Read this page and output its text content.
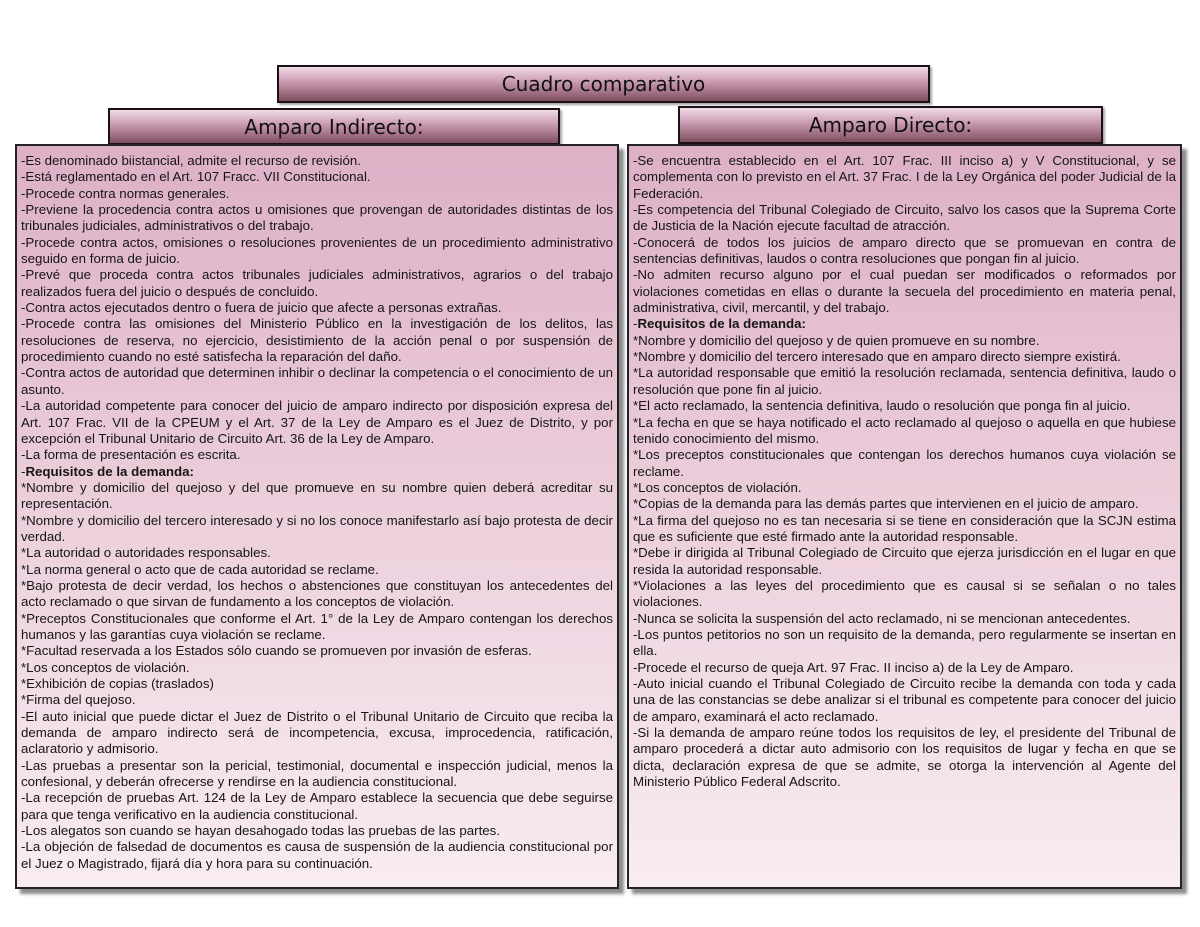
Cuadro comparativo
Amparo Indirecto:	Amparo Directo:
-Es denominado biistancial, admite el recurso de revisión.
-Está reglamentado en el Art. 107 Fracc. VII Constitucional.
-Procede contra normas generales.
-Previene la procedencia contra actos u omisiones que provengan de autoridades distintas de los tribunales judiciales, administrativos o del trabajo.
-Procede contra actos, omisiones o resoluciones provenientes de un procedimiento administrativo seguido en forma de juicio.
-Prevé que proceda contra actos tribunales judiciales administrativos, agrarios o del trabajo realizados fuera del juicio o después de concluido.
-Contra actos ejecutados dentro o fuera de juicio que afecte a personas extrañas.
-Procede contra las omisiones del Ministerio Público en la investigación de los delitos, las resoluciones de reserva, no ejercicio, desistimiento de la acción penal o por suspensión de procedimiento cuando no esté satisfecha la reparación del daño.
-Contra actos de autoridad que determinen inhibir o declinar la competencia o el conocimiento de un asunto.
-La autoridad competente para conocer del juicio de amparo indirecto por disposición expresa del Art. 107 Frac. VII de la CPEUM y el Art. 37 de la Ley de Amparo es el Juez de Distrito, y por excepción el Tribunal Unitario de Circuito Art. 36 de la Ley de Amparo.
-La forma de presentación es escrita.
-Requisitos de la demanda:
*Nombre y domicilio del quejoso y del que promueve en su nombre quien deberá acreditar su representación.
*Nombre y domicilio del tercero interesado y si no los conoce manifestarlo así bajo protesta de decir verdad.
*La autoridad o autoridades responsables.
*La norma general o acto que de cada autoridad se reclame.
*Bajo protesta de decir verdad, los hechos o abstenciones que constituyan los antecedentes del acto reclamado o que sirvan de fundamento a los conceptos de violación.
*Preceptos Constitucionales que conforme el Art. 1° de la Ley de Amparo contengan los derechos humanos y las garantías cuya violación se reclame.
*Facultad reservada a los Estados sólo cuando se promueven por invasión de esferas.
*Los conceptos de violación.
*Exhibición de copias (traslados)
*Firma del quejoso.
-El auto inicial que puede dictar el Juez de Distrito o el Tribunal Unitario de Circuito que reciba la demanda de amparo indirecto será de incompetencia, excusa, improcedencia, ratificación, aclaratorio y admisorio.
-Las pruebas a presentar son la pericial, testimonial, documental e inspección judicial, menos la confesional, y deberán ofrecerse y rendirse en la audiencia constitucional.
-La recepción de pruebas Art. 124 de la Ley de Amparo establece la secuencia que debe seguirse para que tenga verificativo en la audiencia constitucional.
-Los alegatos son cuando se hayan desahogado todas las pruebas de las partes.
-La objeción de falsedad de documentos es causa de suspensión de la audiencia constitucional por el Juez o Magistrado, fijará día y hora para su continuación.
-Se encuentra establecido en el Art. 107 Frac. III inciso a) y V Constitucional, y se complementa con lo previsto en el Art. 37 Frac. I de la Ley Orgánica del poder Judicial de la Federación.
-Es competencia del Tribunal Colegiado de Circuito, salvo los casos que la Suprema Corte de Justicia de la Nación ejecute facultad de atracción.
-Conocerá de todos los juicios de amparo directo que se promuevan en contra de sentencias definitivas, laudos o contra resoluciones que pongan fin al juicio.
-No admiten recurso alguno por el cual puedan ser modificados o reformados por violaciones cometidas en ellas o durante la secuela del procedimiento en materia penal, administrativa, civil, mercantil, y del trabajo.
-Requisitos de la demanda:
*Nombre y domicilio del quejoso y de quien promueve en su nombre.
*Nombre y domicilio del tercero interesado que en amparo directo siempre existirá.
*La autoridad responsable que emitió la resolución reclamada, sentencia definitiva, laudo o resolución que pone fin al juicio.
*El acto reclamado, la sentencia definitiva, laudo o resolución que ponga fin al juicio.
*La fecha en que se haya notificado el acto reclamado al quejoso o aquella en que hubiese tenido conocimiento del mismo.
*Los preceptos constitucionales que contengan los derechos humanos cuya violación se reclame.
*Los conceptos de violación.
*Copias de la demanda para las demás partes que intervienen en el juicio de amparo.
*La firma del quejoso no es tan necesaria si se tiene en consideración que la SCJN estima que es suficiente que esté firmado ante la autoridad responsable.
*Debe ir dirigida al Tribunal Colegiado de Circuito que ejerza jurisdicción en el lugar en que resida la autoridad responsable.
*Violaciones a las leyes del procedimiento que es causal si se señalan o no tales violaciones.
-Nunca se solicita la suspensión del acto reclamado, ni se mencionan antecedentes.
-Los puntos petitorios no son un requisito de la demanda, pero regularmente se insertan en ella.
-Procede el recurso de queja Art. 97 Frac. II inciso a) de la Ley de Amparo.
-Auto inicial cuando el Tribunal Colegiado de Circuito recibe la demanda con toda y cada una de las constancias se debe analizar si el tribunal es competente para conocer del juicio de amparo, examinará el acto reclamado.
-Si la demanda de amparo reúne todos los requisitos de ley, el presidente del Tribunal de amparo procederá a dictar auto admisorio con los requisitos de lugar y fecha en que se dicta, declaración expresa de que se admite, se otorga la intervención al Agente del Ministerio Público Federal Adscrito.
